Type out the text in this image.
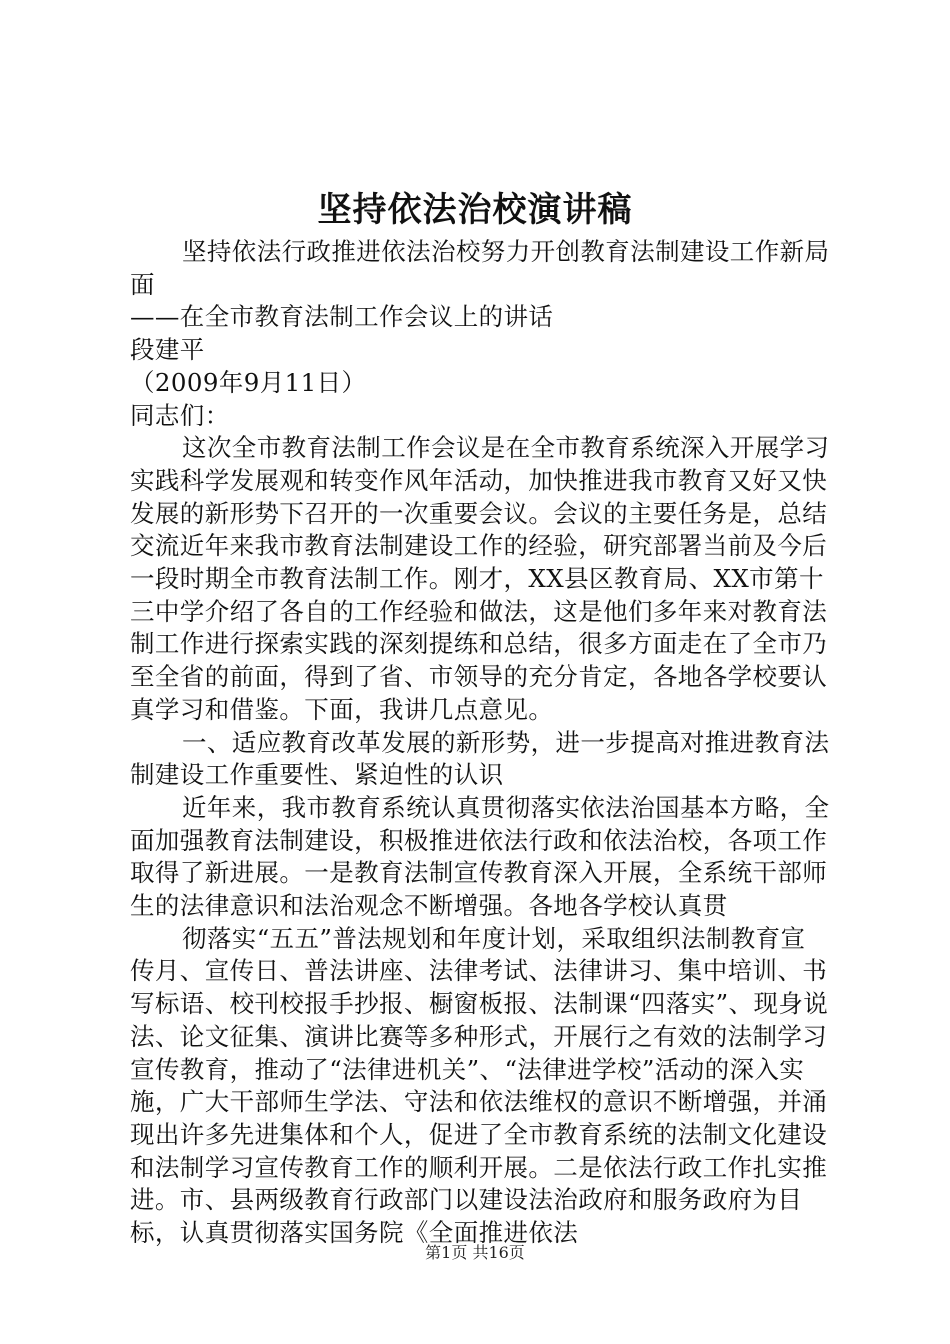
坚持依法治校演讲稿

坚持依法行政推进依法治校努力开创教育法制建设工作新局面

——在全市教育法制工作会议上的讲话

段建平

（2009年9月11日）

同志们：

这次全市教育法制工作会议是在全市教育系统深入开展学习实践科学发展观和转变作风年活动，加快推进我市教育又好又快发展的新形势下召开的一次重要会议。会议的主要任务是，总结交流近年来我市教育法制建设工作的经验，研究部署当前及今后一段时期全市教育法制工作。刚才，XX县区教育局、XX市第十三中学介绍了各自的工作经验和做法，这是他们多年来对教育法制工作进行探索实践的深刻提练和总结，很多方面走在了全市乃至全省的前面，得到了省、市领导的充分肯定，各地各学校要认真学习和借鉴。下面，我讲几点意见。

一、适应教育改革发展的新形势，进一步提高对推进教育法制建设工作重要性、紧迫性的认识

近年来，我市教育系统认真贯彻落实依法治国基本方略，全面加强教育法制建设，积极推进依法行政和依法治校，各项工作取得了新进展。一是教育法制宣传教育深入开展，全系统干部师生的法律意识和法治观念不断增强。各地各学校认真贯

彻落实“五五”普法规划和年度计划，采取组织法制教育宣传月、宣传日、普法讲座、法律考试、法律讲习、集中培训、书写标语、校刊校报手抄报、橱窗板报、法制课“四落实”、现身说法、论文征集、演讲比赛等多种形式，开展行之有效的法制学习宣传教育，推动了“法律进机关”、“法律进学校”活动的深入实施，广大干部师生学法、守法和依法维权的意识不断增强，并涌现出许多先进集体和个人，促进了全市教育系统的法制文化建设和法制学习宣传教育工作的顺利开展。二是依法行政工作扎实推进。市、县两级教育行政部门以建设法治政府和服务政府为目标，认真贯彻落实国务院《全面推进依法

第1页 共16页
